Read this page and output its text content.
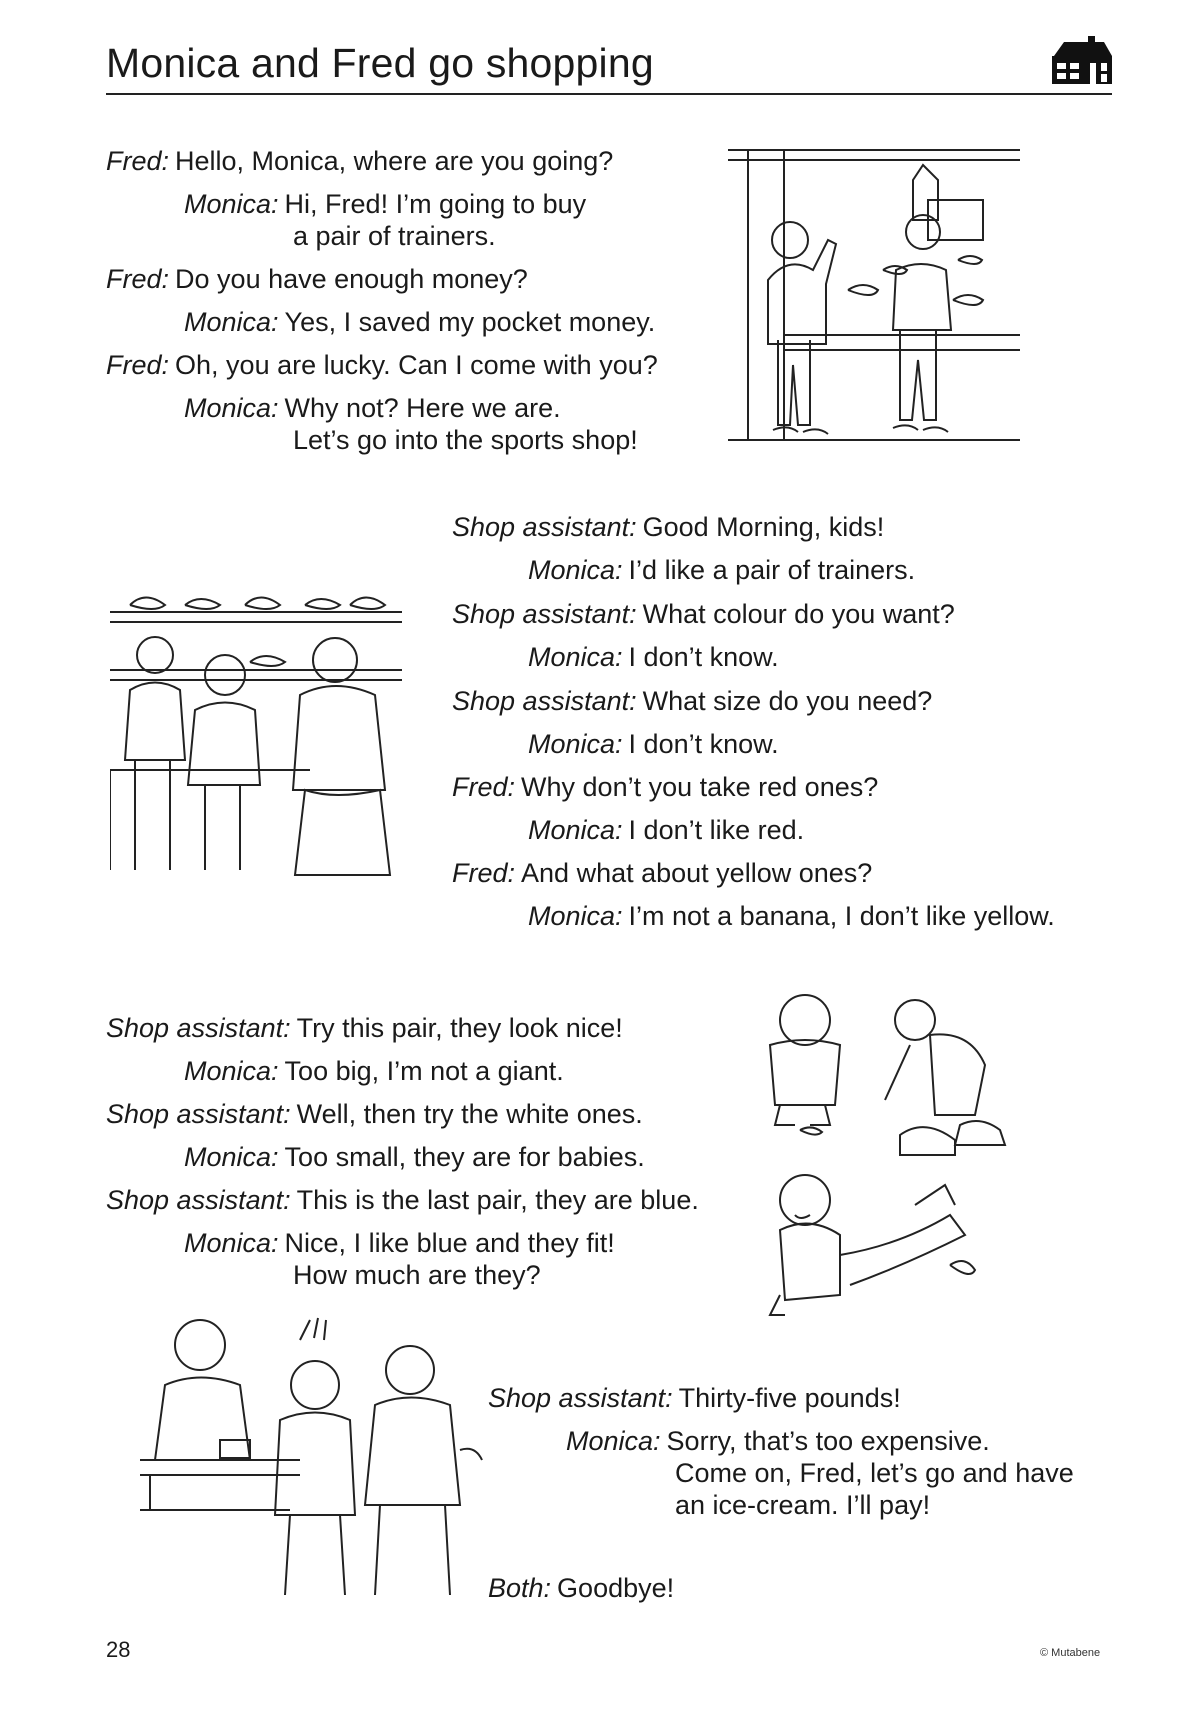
Monica and Fred go shopping
Fred: Hello, Monica, where are you going?
Monica: Hi, Fred! I’m going to buy
a pair of trainers.
Fred: Do you have enough money?
Monica: Yes, I saved my pocket money.
Fred: Oh, you are lucky. Can I come with you?
Monica: Why not? Here we are.
Let’s go into the sports shop!
Shop assistant: Good Morning, kids!
Monica: I’d like a pair of trainers.
Shop assistant: What colour do you want?
Monica: I don’t know.
Shop assistant: What size do you need?
Monica: I don’t know.
Fred: Why don’t you take red ones?
Monica: I don’t like red.
Fred: And what about yellow ones?
Monica: I’m not a banana, I don’t like yellow.
Shop assistant: Try this pair, they look nice!
Monica: Too big, I’m not a giant.
Shop assistant: Well, then try the white ones.
Monica: Too small, they are for babies.
Shop assistant: This is the last pair, they are blue.
Monica: Nice, I like blue and they fit!
How much are they?
Shop assistant: Thirty-five pounds!
Monica: Sorry, that’s too expensive.
Come on, Fred, let’s go and have
an ice-cream. I’ll pay!
Both: Goodbye!
28	© Mutabene
